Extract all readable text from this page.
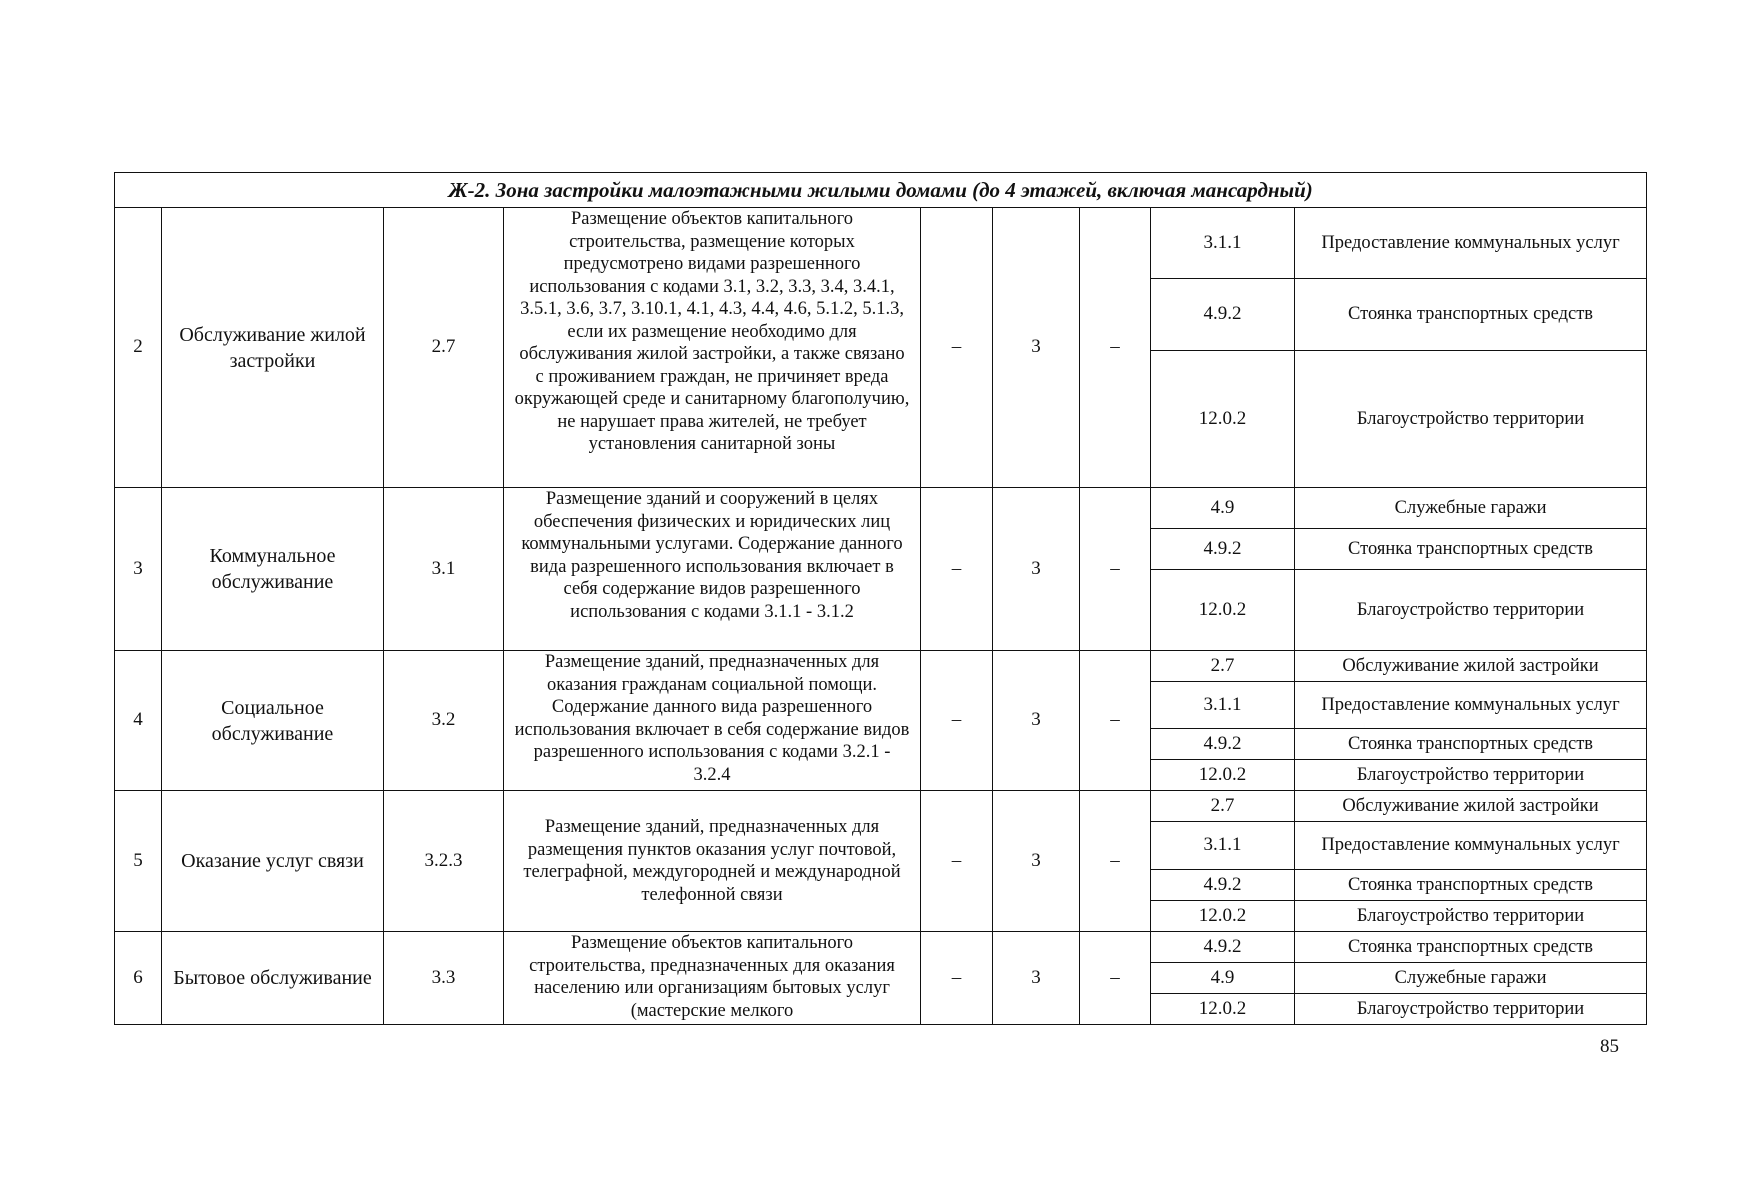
Ж-2. Зона застройки малоэтажными жилыми домами (до 4 этажей, включая мансардный)								
2	Обслуживание жилой застройки	2.7	Размещение объектов капитального строительства, размещение которых предусмотрено видами разрешенного использования с кодами 3.1, 3.2, 3.3, 3.4, 3.4.1, 3.5.1, 3.6, 3.7, 3.10.1, 4.1, 4.3, 4.4, 4.6, 5.1.2, 5.1.3, если их размещение необходимо для обслуживания жилой застройки, а также связано с проживанием граждан, не причиняет вреда окружающей среде и санитарному благополучию, не нарушает права жителей, не требует установления санитарной зоны	–	3	–	3.1.1	Предоставление коммунальных услуг
							4.9.2	Стоянка транспортных средств
							12.0.2	Благоустройство территории
3	Коммунальное обслуживание	3.1	Размещение зданий и сооружений в целях обеспечения физических и юридических лиц коммунальными услугами. Содержание данного вида разрешенного использования включает в себя содержание видов разрешенного использования с кодами 3.1.1 - 3.1.2	–	3	–	4.9	Служебные гаражи
							4.9.2	Стоянка транспортных средств
							12.0.2	Благоустройство территории
4	Социальное обслуживание	3.2	Размещение зданий, предназначенных для оказания гражданам социальной помощи. Содержание данного вида разрешенного использования включает в себя содержание видов разрешенного использования с кодами 3.2.1 - 3.2.4	–	3	–	2.7	Обслуживание жилой застройки
							3.1.1	Предоставление коммунальных услуг
							4.9.2	Стоянка транспортных средств
							12.0.2	Благоустройство территории
5	Оказание услуг связи	3.2.3	Размещение зданий, предназначенных для размещения пунктов оказания услуг почтовой, телеграфной, междугородней и международной телефонной связи	–	3	–	2.7	Обслуживание жилой застройки
							3.1.1	Предоставление коммунальных услуг
							4.9.2	Стоянка транспортных средств
							12.0.2	Благоустройство территории
6	Бытовое обслуживание	3.3	Размещение объектов капитального строительства, предназначенных для оказания населению или организациям бытовых услуг (мастерские мелкого	–	3	–	4.9.2	Стоянка транспортных средств
							4.9	Служебные гаражи
							12.0.2	Благоустройство территории
85
